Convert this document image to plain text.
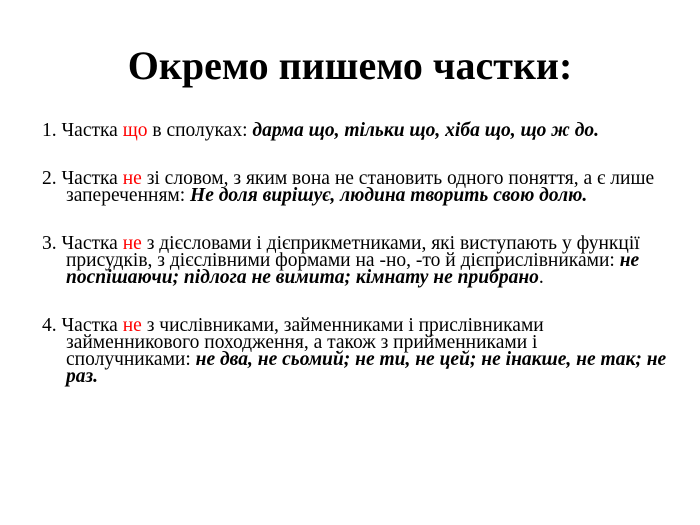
Окремо пишемо частки:
1. Частка що в сполуках: дарма що, тільки що, хіба що, що ж до.
2. Частка не зі словом, з яким вона не становить одного поняття, а є лише запереченням: Не доля вирішує, людина творить свою долю.
3. Частка не з дієсловами і дієприкметниками, які виступають у функції присудків, з дієслівними формами на -но, -то й дієприслівниками: не поспішаючи; підлога не вимита; кімнату не прибрано.
4. Частка не з числівниками, займенниками і прислівниками займенникового походження, а також з прийменниками і сполучниками: не два, не сьомий; не ти, не цей; не інакше, не так; не раз.
